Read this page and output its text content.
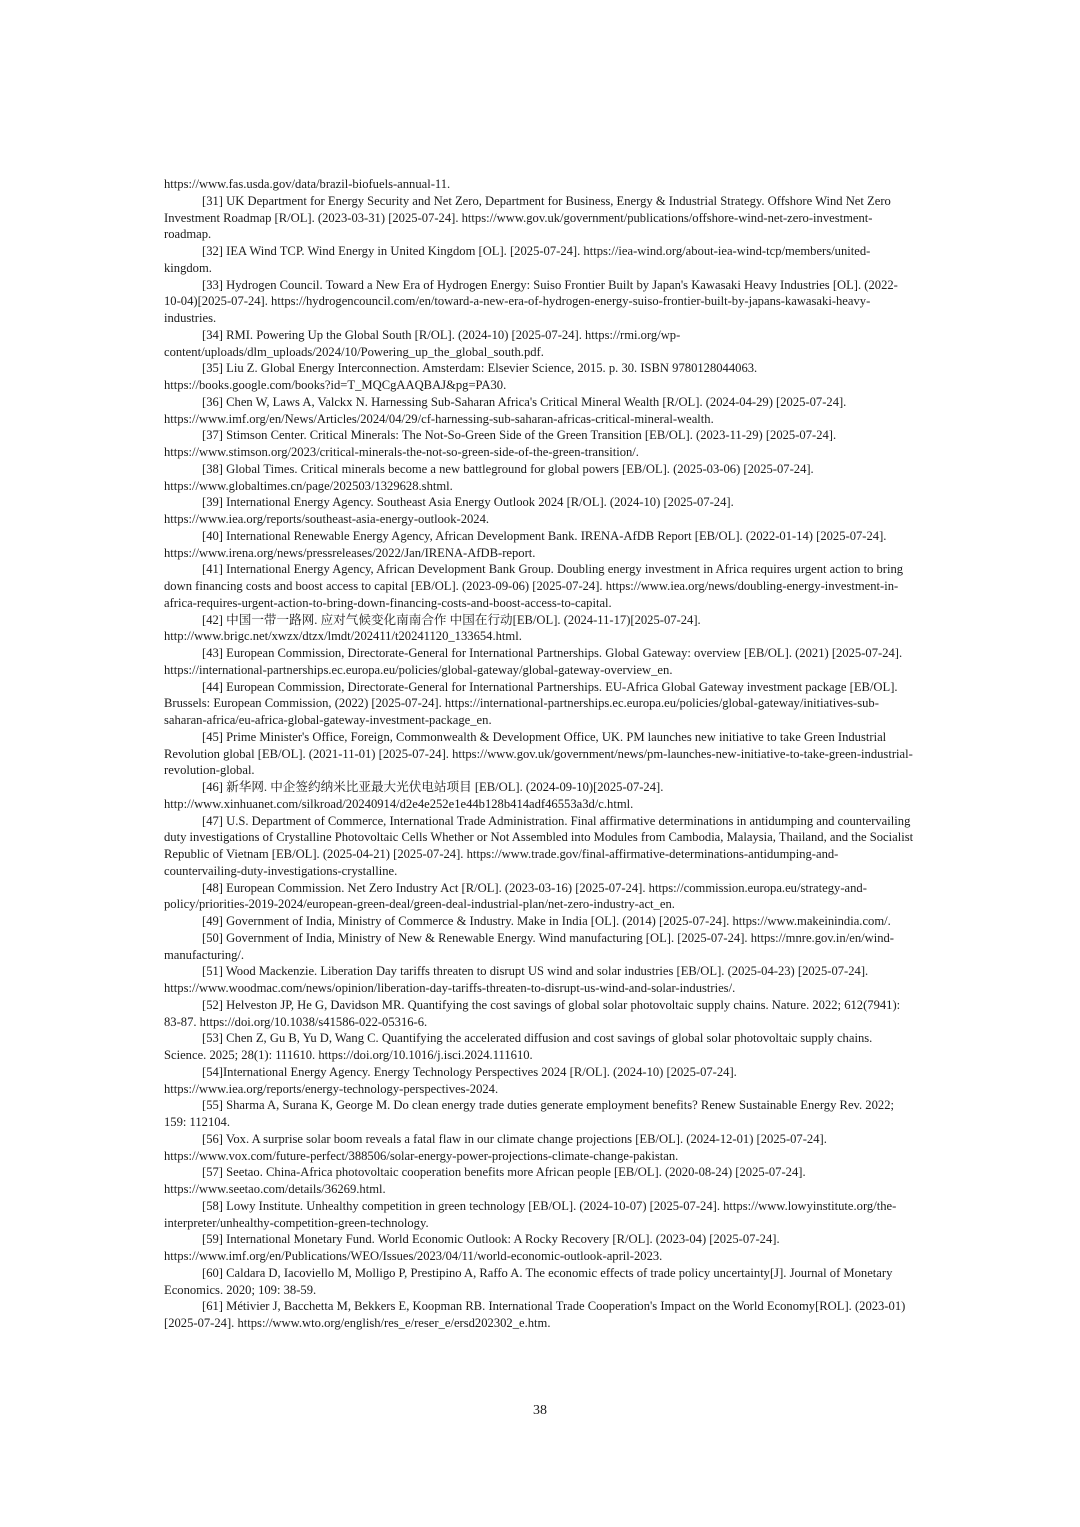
https://www.fas.usda.gov/data/brazil-biofuels-annual-11.

[31] UK Department for Energy Security and Net Zero, Department for Business, Energy & Industrial Strategy. Offshore Wind Net Zero Investment Roadmap [R/OL]. (2023-03-31) [2025-07-24]. https://www.gov.uk/government/publications/offshore-wind-net-zero-investment-roadmap.

[32] IEA Wind TCP. Wind Energy in United Kingdom [OL]. [2025-07-24]. https://iea-wind.org/about-iea-wind-tcp/members/united-kingdom.

[33] Hydrogen Council. Toward a New Era of Hydrogen Energy: Suiso Frontier Built by Japan's Kawasaki Heavy Industries [OL]. (2022-10-04)[2025-07-24]. https://hydrogencouncil.com/en/toward-a-new-era-of-hydrogen-energy-suiso-frontier-built-by-japans-kawasaki-heavy-industries.

[34] RMI. Powering Up the Global South [R/OL]. (2024-10) [2025-07-24]. https://rmi.org/wp-content/uploads/dlm_uploads/2024/10/Powering_up_the_global_south.pdf.

[35] Liu Z. Global Energy Interconnection. Amsterdam: Elsevier Science, 2015. p. 30. ISBN 9780128044063. https://books.google.com/books?id=T_MQCgAAQBAJ&pg=PA30.

[36] Chen W, Laws A, Valckx N. Harnessing Sub-Saharan Africa's Critical Mineral Wealth [R/OL]. (2024-04-29) [2025-07-24]. https://www.imf.org/en/News/Articles/2024/04/29/cf-harnessing-sub-saharan-africas-critical-mineral-wealth.

[37] Stimson Center. Critical Minerals: The Not-So-Green Side of the Green Transition [EB/OL]. (2023-11-29) [2025-07-24]. https://www.stimson.org/2023/critical-minerals-the-not-so-green-side-of-the-green-transition/.

[38] Global Times. Critical minerals become a new battleground for global powers [EB/OL]. (2025-03-06) [2025-07-24]. https://www.globaltimes.cn/page/202503/1329628.shtml.

[39] International Energy Agency. Southeast Asia Energy Outlook 2024 [R/OL]. (2024-10) [2025-07-24]. https://www.iea.org/reports/southeast-asia-energy-outlook-2024.

[40] International Renewable Energy Agency, African Development Bank. IRENA-AfDB Report [EB/OL]. (2022-01-14) [2025-07-24]. https://www.irena.org/news/pressreleases/2022/Jan/IRENA-AfDB-report.

[41] International Energy Agency, African Development Bank Group. Doubling energy investment in Africa requires urgent action to bring down financing costs and boost access to capital [EB/OL]. (2023-09-06) [2025-07-24]. https://www.iea.org/news/doubling-energy-investment-in-africa-requires-urgent-action-to-bring-down-financing-costs-and-boost-access-to-capital.

[42] 中国一带一路网. 应对气候变化南南合作 中国在行动[EB/OL]. (2024-11-17)[2025-07-24]. http://www.brigc.net/xwzx/dtzx/lmdt/202411/t20241120_133654.html.

[43] European Commission, Directorate-General for International Partnerships. Global Gateway: overview [EB/OL]. (2021) [2025-07-24]. https://international-partnerships.ec.europa.eu/policies/global-gateway/global-gateway-overview_en.

[44] European Commission, Directorate-General for International Partnerships. EU-Africa Global Gateway investment package [EB/OL]. Brussels: European Commission, (2022) [2025-07-24]. https://international-partnerships.ec.europa.eu/policies/global-gateway/initiatives-sub-saharan-africa/eu-africa-global-gateway-investment-package_en.

[45] Prime Minister's Office, Foreign, Commonwealth & Development Office, UK. PM launches new initiative to take Green Industrial Revolution global [EB/OL]. (2021-11-01) [2025-07-24]. https://www.gov.uk/government/news/pm-launches-new-initiative-to-take-green-industrial-revolution-global.

[46] 新华网. 中企签约纳米比亚最大光伏电站项目 [EB/OL]. (2024-09-10)[2025-07-24]. http://www.xinhuanet.com/silkroad/20240914/d2e4e252e1e44b128b414adf46553a3d/c.html.

[47] U.S. Department of Commerce, International Trade Administration. Final affirmative determinations in antidumping and countervailing duty investigations of Crystalline Photovoltaic Cells Whether or Not Assembled into Modules from Cambodia, Malaysia, Thailand, and the Socialist Republic of Vietnam [EB/OL]. (2025-04-21) [2025-07-24]. https://www.trade.gov/final-affirmative-determinations-antidumping-and-countervailing-duty-investigations-crystalline.

[48] European Commission. Net Zero Industry Act [R/OL]. (2023-03-16) [2025-07-24]. https://commission.europa.eu/strategy-and-policy/priorities-2019-2024/european-green-deal/green-deal-industrial-plan/net-zero-industry-act_en.

[49] Government of India, Ministry of Commerce & Industry. Make in India [OL]. (2014) [2025-07-24]. https://www.makeinindia.com/.

[50] Government of India, Ministry of New & Renewable Energy. Wind manufacturing [OL]. [2025-07-24]. https://mnre.gov.in/en/wind-manufacturing/.

[51] Wood Mackenzie. Liberation Day tariffs threaten to disrupt US wind and solar industries [EB/OL]. (2025-04-23) [2025-07-24]. https://www.woodmac.com/news/opinion/liberation-day-tariffs-threaten-to-disrupt-us-wind-and-solar-industries/.

[52] Helveston JP, He G, Davidson MR. Quantifying the cost savings of global solar photovoltaic supply chains. Nature. 2022; 612(7941): 83-87. https://doi.org/10.1038/s41586-022-05316-6.

[53] Chen Z, Gu B, Yu D, Wang C. Quantifying the accelerated diffusion and cost savings of global solar photovoltaic supply chains. Science. 2025; 28(1): 111610. https://doi.org/10.1016/j.isci.2024.111610.

[54]International Energy Agency. Energy Technology Perspectives 2024 [R/OL]. (2024-10) [2025-07-24]. https://www.iea.org/reports/energy-technology-perspectives-2024.

[55] Sharma A, Surana K, George M. Do clean energy trade duties generate employment benefits? Renew Sustainable Energy Rev. 2022; 159: 112104.

[56] Vox. A surprise solar boom reveals a fatal flaw in our climate change projections [EB/OL]. (2024-12-01) [2025-07-24]. https://www.vox.com/future-perfect/388506/solar-energy-power-projections-climate-change-pakistan.

[57] Seetao. China-Africa photovoltaic cooperation benefits more African people [EB/OL]. (2020-08-24) [2025-07-24]. https://www.seetao.com/details/36269.html.

[58] Lowy Institute. Unhealthy competition in green technology [EB/OL]. (2024-10-07) [2025-07-24]. https://www.lowyinstitute.org/the-interpreter/unhealthy-competition-green-technology.

[59] International Monetary Fund. World Economic Outlook: A Rocky Recovery [R/OL]. (2023-04) [2025-07-24]. https://www.imf.org/en/Publications/WEO/Issues/2023/04/11/world-economic-outlook-april-2023.

[60] Caldara D, Iacoviello M, Molligo P, Prestipino A, Raffo A. The economic effects of trade policy uncertainty[J]. Journal of Monetary Economics. 2020; 109: 38-59.

[61] Métivier J, Bacchetta M, Bekkers E, Koopman RB. International Trade Cooperation's Impact on the World Economy[ROL]. (2023-01)[2025-07-24]. https://www.wto.org/english/res_e/reser_e/ersd202302_e.htm.

38
